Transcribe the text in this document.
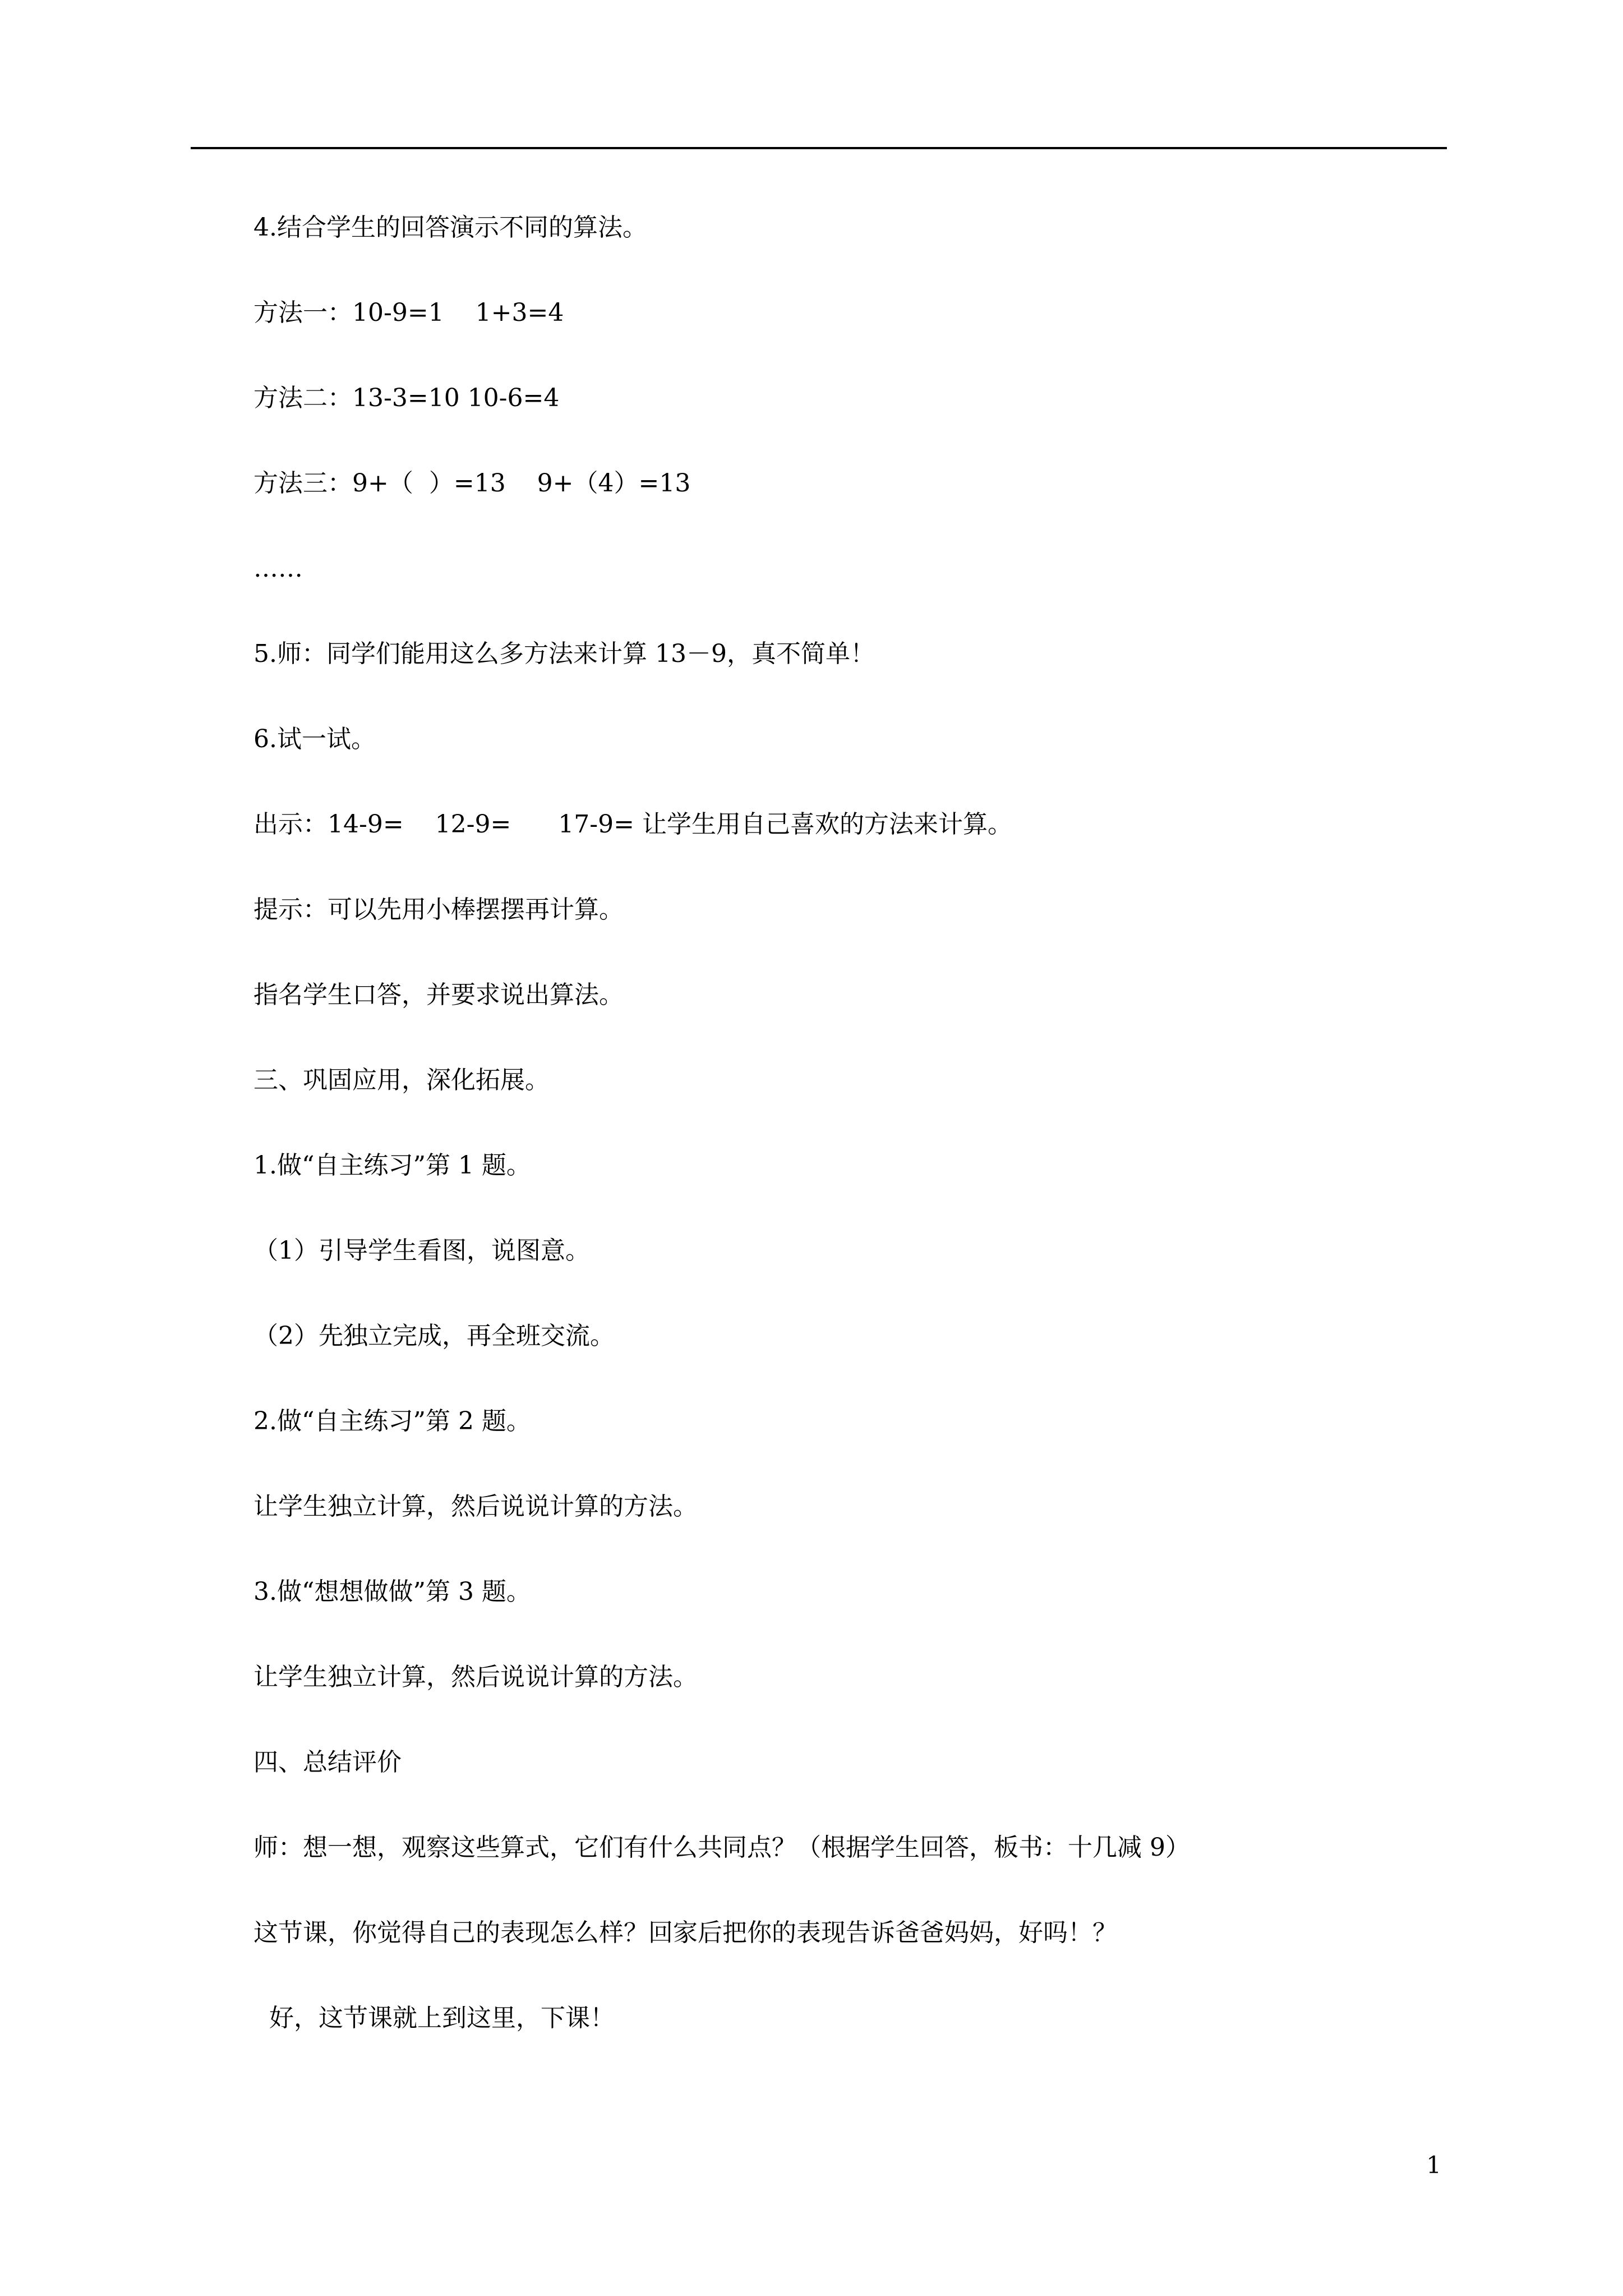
4.结合学生的回答演示不同的算法。

方法一：10-9=1    1+3=4

方法二：13-3=10 10-6=4

方法三：9+（  ）=13    9+（4）=13

……

5.师：同学们能用这么多方法来计算 13－9，真不简单！

6.试一试。

出示：14-9=    12-9=      17-9= 让学生用自己喜欢的方法来计算。

提示：可以先用小棒摆摆再计算。

指名学生口答，并要求说出算法。

三、巩固应用，深化拓展。

1.做“自主练习”第 1 题。

（1）引导学生看图，说图意。

（2）先独立完成，再全班交流。

2.做“自主练习”第 2 题。

让学生独立计算，然后说说计算的方法。

3.做“想想做做”第 3 题。

让学生独立计算，然后说说计算的方法。

四、总结评价

师：想一想，观察这些算式，它们有什么共同点？（根据学生回答，板书：十几减 9）

这节课，你觉得自己的表现怎么样？回家后把你的表现告诉爸爸妈妈，好吗！？

好，这节课就上到这里，下课！

1
